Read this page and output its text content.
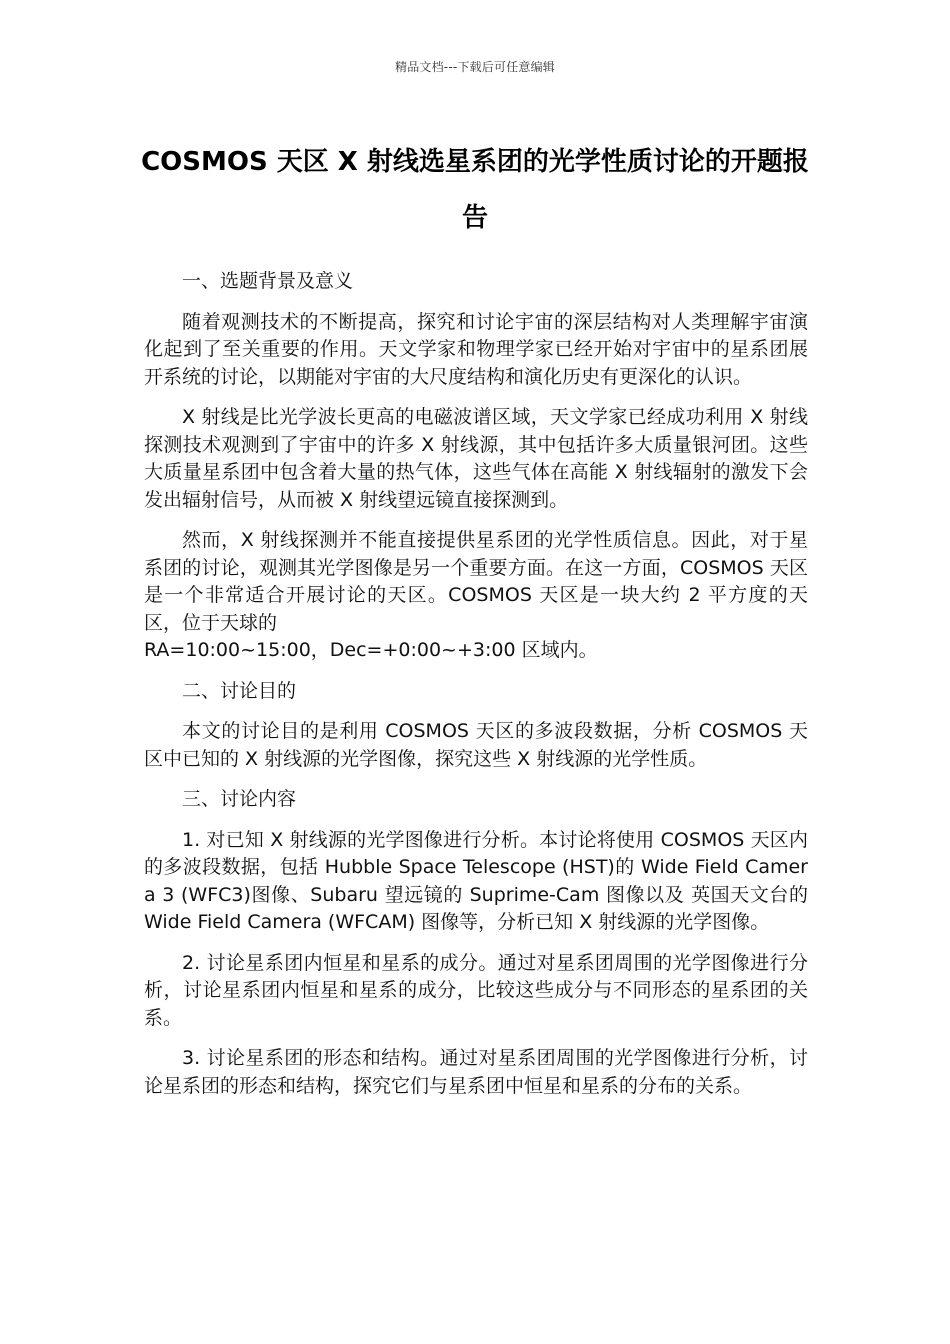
精品文档---下载后可任意编辑
COSMOS 天区 X 射线选星系团的光学性质讨论的开题报告

一、选题背景及意义

随着观测技术的不断提高，探究和讨论宇宙的深层结构对人类理解宇宙演化起到了至关重要的作用。天文学家和物理学家已经开始对宇宙中的星系团展开系统的讨论，以期能对宇宙的大尺度结构和演化历史有更深化的认识。

X 射线是比光学波长更高的电磁波谱区域，天文学家已经成功利用 X 射线探测技术观测到了宇宙中的许多 X 射线源，其中包括许多大质量银河团。这些大质量星系团中包含着大量的热气体，这些气体在高能 X 射线辐射的激发下会发出辐射信号，从而被 X 射线望远镜直接探测到。

然而，X 射线探测并不能直接提供星系团的光学性质信息。因此，对于星系团的讨论，观测其光学图像是另一个重要方面。在这一方面，COSMOS 天区是一个非常适合开展讨论的天区。COSMOS 天区是一块大约 2 平方度的天区，位于天球的

RA=10:00~15:00，Dec=+0:00~+3:00 区域内。

二、讨论目的

本文的讨论目的是利用 COSMOS 天区的多波段数据，分析 COSMOS 天区中已知的 X 射线源的光学图像，探究这些 X 射线源的光学性质。

三、讨论内容

1. 对已知 X 射线源的光学图像进行分析。本讨论将使用 COSMOS 天区内的多波段数据，包括 Hubble Space Telescope (HST)的 Wide Field Camera 3 (WFC3)图像、Subaru 望远镜的 Suprime-Cam 图像以及 英国天文台的 Wide Field Camera (WFCAM) 图像等，分析已知 X 射线源的光学图像。

2. 讨论星系团内恒星和星系的成分。通过对星系团周围的光学图像进行分析，讨论星系团内恒星和星系的成分，比较这些成分与不同形态的星系团的关系。

3. 讨论星系团的形态和结构。通过对星系团周围的光学图像进行分析，讨论星系团的形态和结构，探究它们与星系团中恒星和星系的分布的关系。
